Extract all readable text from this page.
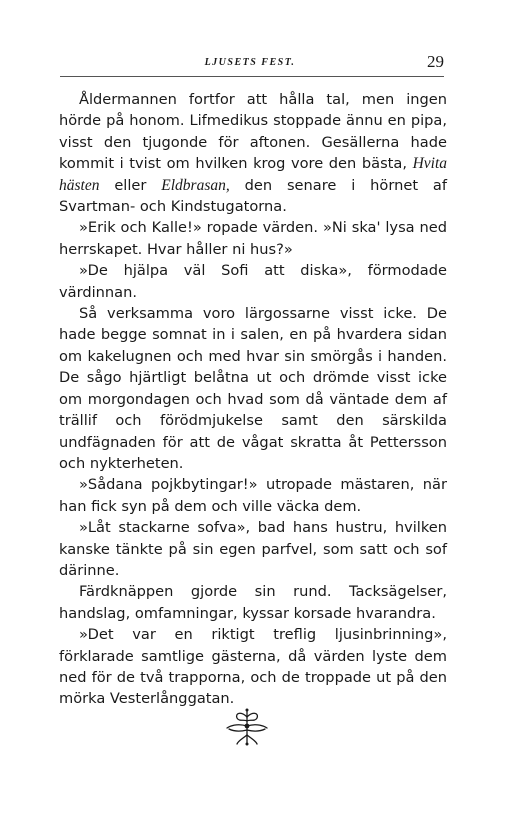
LJUSETS FEST.	29

Åldermannen fortfor att hålla tal, men ingen hörde på honom. Lifmedikus stoppade ännu en pipa, visst den tjugonde för aftonen. Gesällerna hade kommit i tvist om hvilken krog vore den bästa, Hvita hästen eller Eldbrasan, den senare i hörnet af Svartman- och Kindstugatorna.

»Erik och Kalle!» ropade värden. »Ni ska' lysa ned herrskapet. Hvar håller ni hus?»

»De hjälpa väl Sofi att diska», förmodade värdinnan.

Så verksamma voro lärgossarne visst icke. De hade begge somnat in i salen, en på hvardera sidan om kakelugnen och med hvar sin smörgås i handen. De sågo hjärtligt belåtna ut och drömde visst icke om morgondagen och hvad som då väntade dem af trällif och förödmjukelse samt den särskilda undfägnaden för att de vågat skratta åt Pettersson och nykterheten.

»Sådana pojkbytingar!» utropade mästaren, när han fick syn på dem och ville väcka dem.

»Låt stackarne sofva», bad hans hustru, hvilken kanske tänkte på sin egen parfvel, som satt och sof därinne.

Färdknäppen gjorde sin rund. Tacksägelser, handslag, omfamningar, kyssar korsade hvarandra.

»Det var en riktigt treflig ljusinbrinning», förklarade samtlige gästerna, då värden lyste dem ned för de två trapporna, och de troppade ut på den mörka Vesterlånggatan.
